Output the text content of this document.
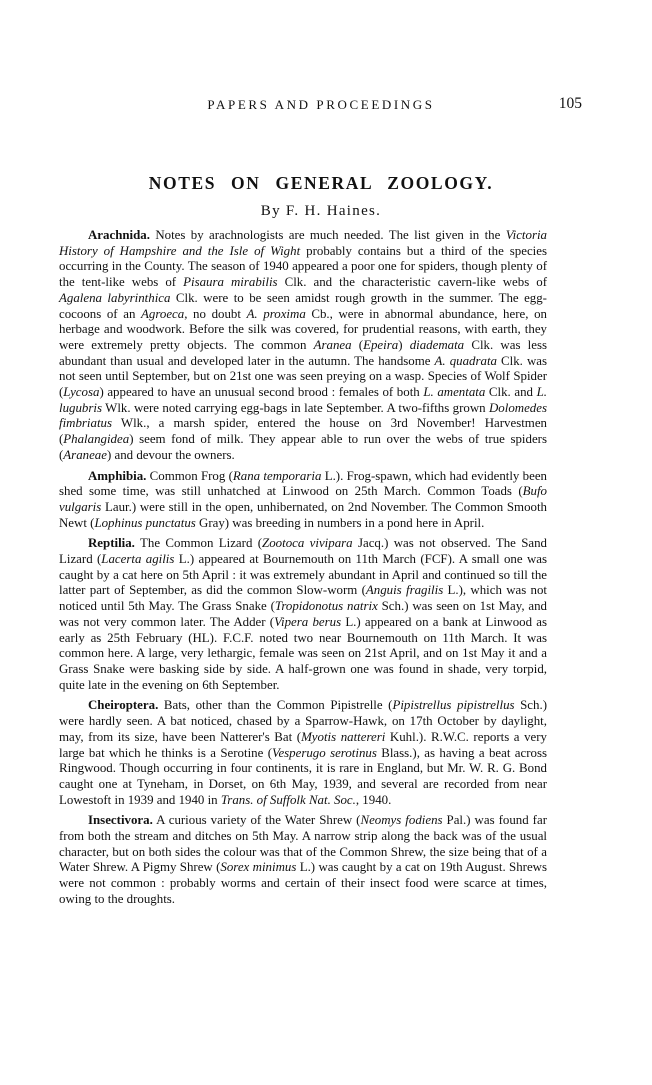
PAPERS AND PROCEEDINGS	105
NOTES ON GENERAL ZOOLOGY.
By F. H. Haines.

Arachnida. Notes by arachnologists are much needed. The list given in the Victoria History of Hampshire and the Isle of Wight probably contains but a third of the species occurring in the County. The season of 1940 appeared a poor one for spiders, though plenty of the tent-like webs of Pisaura mirabilis Clk. and the characteristic cavern-like webs of Agalena labyrinthica Clk. were to be seen amidst rough growth in the summer. The egg-cocoons of an Agroeca, no doubt A. proxima Cb., were in abnormal abundance, here, on herbage and woodwork. Before the silk was covered, for prudential reasons, with earth, they were extremely pretty objects. The common Aranea (Epeira) diademata Clk. was less abundant than usual and developed later in the autumn. The handsome A. quadrata Clk. was not seen until September, but on 21st one was seen preying on a wasp. Species of Wolf Spider (Lycosa) appeared to have an unusual second brood : females of both L. amentata Clk. and L. lugubris Wlk. were noted carrying egg-bags in late September. A two-fifths grown Dolomedes fimbriatus Wlk., a marsh spider, entered the house on 3rd November! Harvestmen (Phalangidea) seem fond of milk. They appear able to run over the webs of true spiders (Araneae) and devour the owners.

Amphibia. Common Frog (Rana temporaria L.). Frog-spawn, which had evidently been shed some time, was still unhatched at Linwood on 25th March. Common Toads (Bufo vulgaris Laur.) were still in the open, unhibernated, on 2nd November. The Common Smooth Newt (Lophinus punctatus Gray) was breeding in numbers in a pond here in April.

Reptilia. The Common Lizard (Zootoca vivipara Jacq.) was not observed. The Sand Lizard (Lacerta agilis L.) appeared at Bournemouth on 11th March (FCF). A small one was caught by a cat here on 5th April : it was extremely abundant in April and continued so till the latter part of September, as did the common Slow-worm (Anguis fragilis L.), which was not noticed until 5th May. The Grass Snake (Tropidonotus natrix Sch.) was seen on 1st May, and was not very common later. The Adder (Vipera berus L.) appeared on a bank at Linwood as early as 25th February (HL). F.C.F. noted two near Bournemouth on 11th March. It was common here. A large, very lethargic, female was seen on 21st April, and on 1st May it and a Grass Snake were basking side by side. A half-grown one was found in shade, very torpid, quite late in the evening on 6th September.

Cheiroptera. Bats, other than the Common Pipistrelle (Pipistrellus pipistrellus Sch.) were hardly seen. A bat noticed, chased by a Sparrow-Hawk, on 17th October by daylight, may, from its size, have been Natterer's Bat (Myotis nattereri Kuhl.). R.W.C. reports a very large bat which he thinks is a Serotine (Vesperugo serotinus Blass.), as having a beat across Ringwood. Though occurring in four continents, it is rare in England, but Mr. W. R. G. Bond caught one at Tyneham, in Dorset, on 6th May, 1939, and several are recorded from near Lowestoft in 1939 and 1940 in Trans. of Suffolk Nat. Soc., 1940.

Insectivora. A curious variety of the Water Shrew (Neomys fodiens Pal.) was found far from both the stream and ditches on 5th May. A narrow strip along the back was of the usual character, but on both sides the colour was that of the Common Shrew, the size being that of a Water Shrew. A Pigmy Shrew (Sorex minimus L.) was caught by a cat on 19th August. Shrews were not common : probably worms and certain of their insect food were scarce at times, owing to the droughts.
